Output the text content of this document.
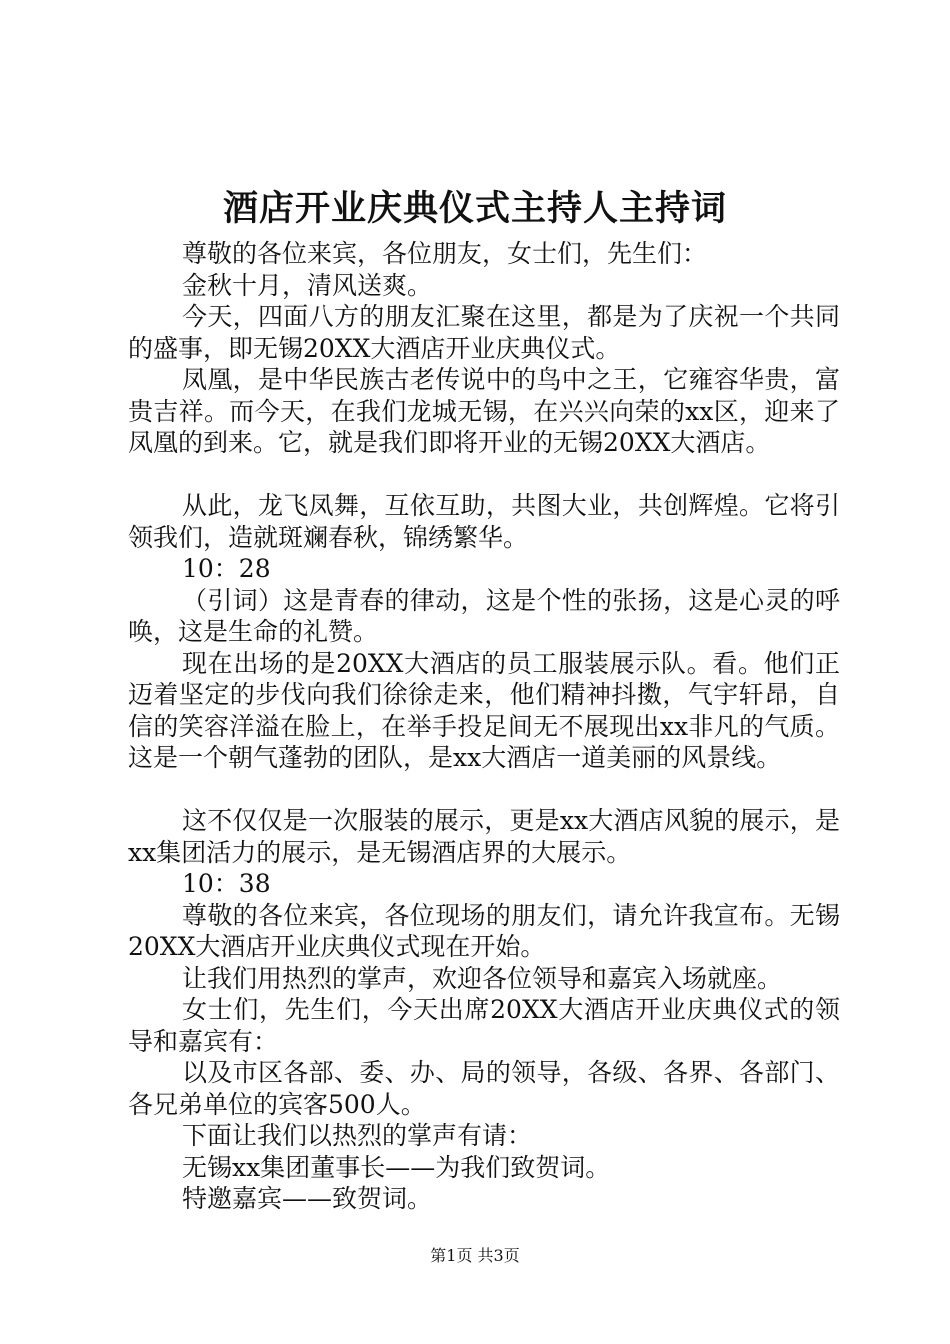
酒店开业庆典仪式主持人主持词

尊敬的各位来宾，各位朋友，女士们，先生们：

金秋十月，清风送爽。

今天，四面八方的朋友汇聚在这里，都是为了庆祝一个共同的盛事，即无锡20XX大酒店开业庆典仪式。

凤凰，是中华民族古老传说中的鸟中之王，它雍容华贵，富贵吉祥。而今天，在我们龙城无锡，在兴兴向荣的xx区，迎来了凤凰的到来。它，就是我们即将开业的无锡20XX大酒店。

从此，龙飞凤舞，互依互助，共图大业，共创辉煌。它将引领我们，造就斑斓春秋，锦绣繁华。

10：28

（引词）这是青春的律动，这是个性的张扬，这是心灵的呼唤，这是生命的礼赞。

现在出场的是20XX大酒店的员工服装展示队。看。他们正迈着坚定的步伐向我们徐徐走来，他们精神抖擞，气宇轩昂，自信的笑容洋溢在脸上，在举手投足间无不展现出xx非凡的气质。这是一个朝气蓬勃的团队，是xx大酒店一道美丽的风景线。

这不仅仅是一次服装的展示，更是xx大酒店风貌的展示，是xx集团活力的展示，是无锡酒店界的大展示。

10：38

尊敬的各位来宾，各位现场的朋友们，请允许我宣布。无锡20XX大酒店开业庆典仪式现在开始。

让我们用热烈的掌声，欢迎各位领导和嘉宾入场就座。

女士们，先生们，今天出席20XX大酒店开业庆典仪式的领导和嘉宾有：

以及市区各部、委、办、局的领导，各级、各界、各部门、各兄弟单位的宾客500人。

下面让我们以热烈的掌声有请：

无锡xx集团董事长——为我们致贺词。

特邀嘉宾——致贺词。

第1页 共3页
